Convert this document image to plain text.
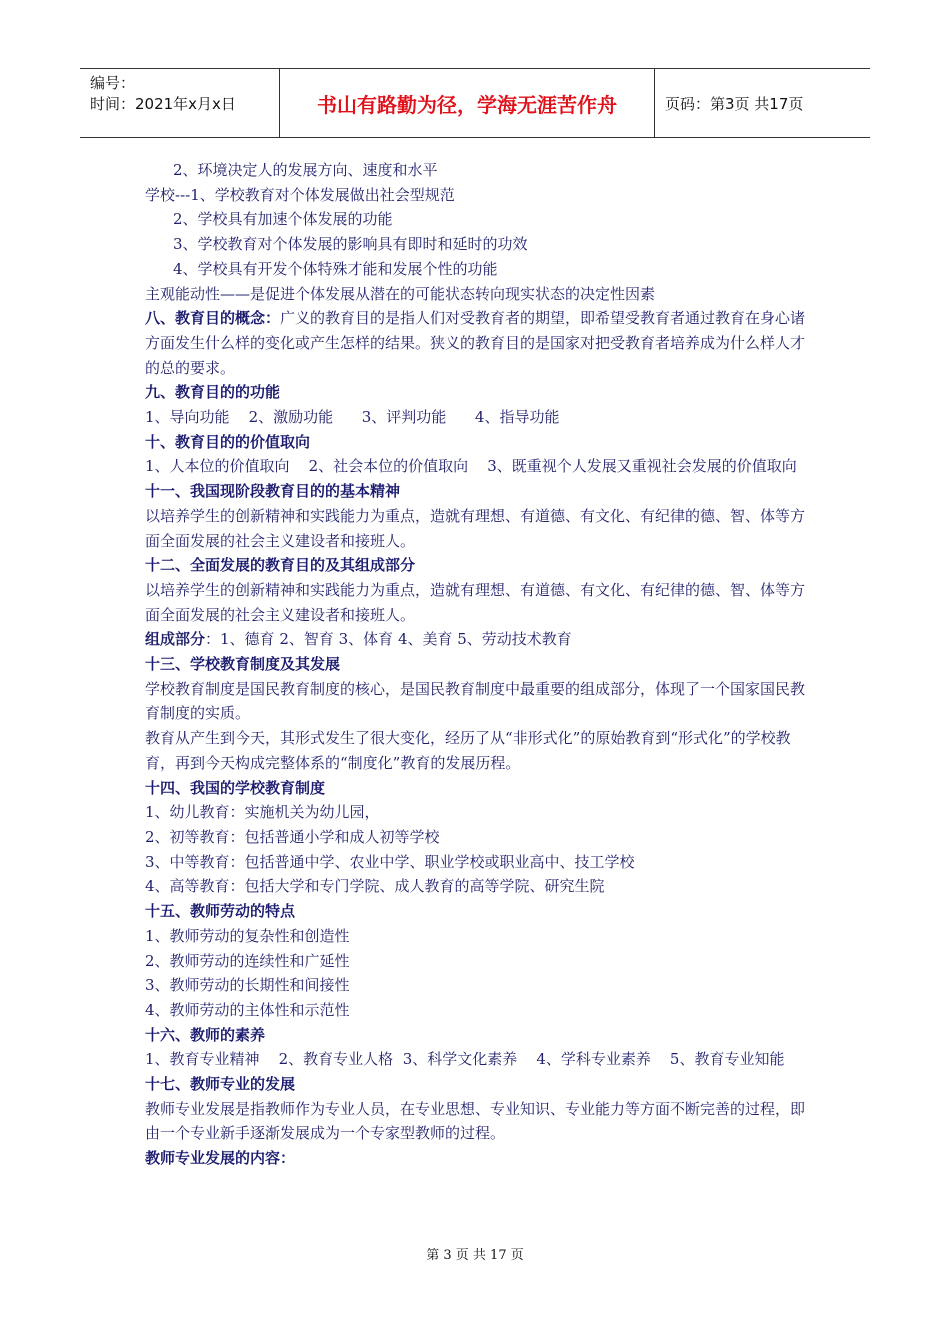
编号：
时间：2021年x月x日	书山有路勤为径，学海无涯苦作舟	页码：第3页 共17页

2、环境决定人的发展方向、速度和水平

学校---1、学校教育对个体发展做出社会型规范

2、学校具有加速个体发展的功能

3、学校教育对个体发展的影响具有即时和延时的功效

4、学校具有开发个体特殊才能和发展个性的功能

主观能动性——是促进个体发展从潜在的可能状态转向现实状态的决定性因素

八、教育目的概念：广义的教育目的是指人们对受教育者的期望，即希望受教育者通过教育在身心诸方面发生什么样的变化或产生怎样的结果。狭义的教育目的是国家对把受教育者培养成为什么样人才的总的要求。

九、教育目的的功能

1、导向功能    2、激励功能      3、评判功能      4、指导功能

十、教育目的的价值取向

1、人本位的价值取向    2、社会本位的价值取向    3、既重视个人发展又重视社会发展的价值取向

十一、我国现阶段教育目的的基本精神

以培养学生的创新精神和实践能力为重点，造就有理想、有道德、有文化、有纪律的德、智、体等方面全面发展的社会主义建设者和接班人。

十二、全面发展的教育目的及其组成部分

以培养学生的创新精神和实践能力为重点，造就有理想、有道德、有文化、有纪律的德、智、体等方面全面发展的社会主义建设者和接班人。

组成部分：1、德育 2、智育 3、体育 4、美育 5、劳动技术教育

十三、学校教育制度及其发展

学校教育制度是国民教育制度的核心，是国民教育制度中最重要的组成部分，体现了一个国家国民教育制度的实质。

教育从产生到今天，其形式发生了很大变化，经历了从“非形式化”的原始教育到“形式化”的学校教育，再到今天构成完整体系的“制度化”教育的发展历程。

十四、我国的学校教育制度

1、幼儿教育：实施机关为幼儿园，

2、初等教育：包括普通小学和成人初等学校

3、中等教育：包括普通中学、农业中学、职业学校或职业高中、技工学校

4、高等教育：包括大学和专门学院、成人教育的高等学院、研究生院

十五、教师劳动的特点

1、教师劳动的复杂性和创造性

2、教师劳动的连续性和广延性

3、教师劳动的长期性和间接性

4、教师劳动的主体性和示范性

十六、教师的素养

1、教育专业精神    2、教育专业人格  3、科学文化素养    4、学科专业素养    5、教育专业知能

十七、教师专业的发展

教师专业发展是指教师作为专业人员，在专业思想、专业知识、专业能力等方面不断完善的过程，即由一个专业新手逐渐发展成为一个专家型教师的过程。

教师专业发展的内容：

第 3 页 共 17 页
